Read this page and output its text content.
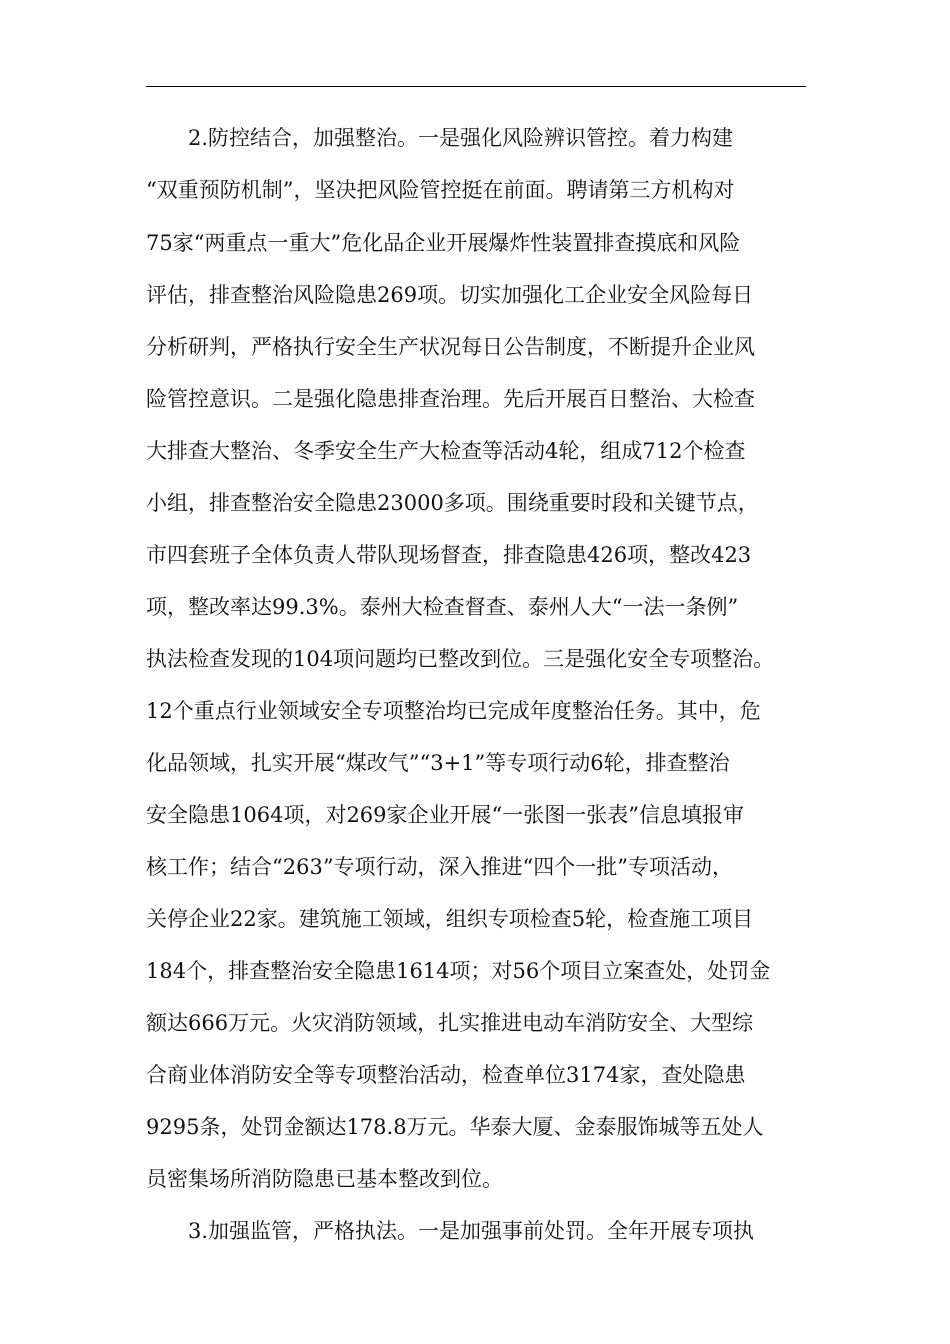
2.防控结合，加强整治。一是强化风险辨识管控。着力构建
“双重预防机制”，坚决把风险管控挺在前面。聘请第三方机构对
75家“两重点一重大”危化品企业开展爆炸性装置排查摸底和风险
评估，排查整治风险隐患269项。切实加强化工企业安全风险每日
分析研判，严格执行安全生产状况每日公告制度，不断提升企业风
险管控意识。二是强化隐患排查治理。先后开展百日整治、大检查
大排查大整治、冬季安全生产大检查等活动4轮，组成712个检查
小组，排查整治安全隐患23000多项。围绕重要时段和关键节点，
市四套班子全体负责人带队现场督查，排查隐患426项，整改423
项，整改率达99.3%。泰州大检查督查、泰州人大“一法一条例”
执法检查发现的104项问题均已整改到位。三是强化安全专项整治。
12个重点行业领域安全专项整治均已完成年度整治任务。其中，危
化品领域，扎实开展“煤改气”“3+1”等专项行动6轮，排查整治
安全隐患1064项，对269家企业开展“一张图一张表”信息填报审
核工作；结合“263”专项行动，深入推进“四个一批”专项活动，
关停企业22家。建筑施工领域，组织专项检查5轮，检查施工项目
184个，排查整治安全隐患1614项；对56个项目立案查处，处罚金
额达666万元。火灾消防领域，扎实推进电动车消防安全、大型综
合商业体消防安全等专项整治活动，检查单位3174家，查处隐患
9295条，处罚金额达178.8万元。华泰大厦、金泰服饰城等五处人
员密集场所消防隐患已基本整改到位。
3.加强监管，严格执法。一是加强事前处罚。全年开展专项执
